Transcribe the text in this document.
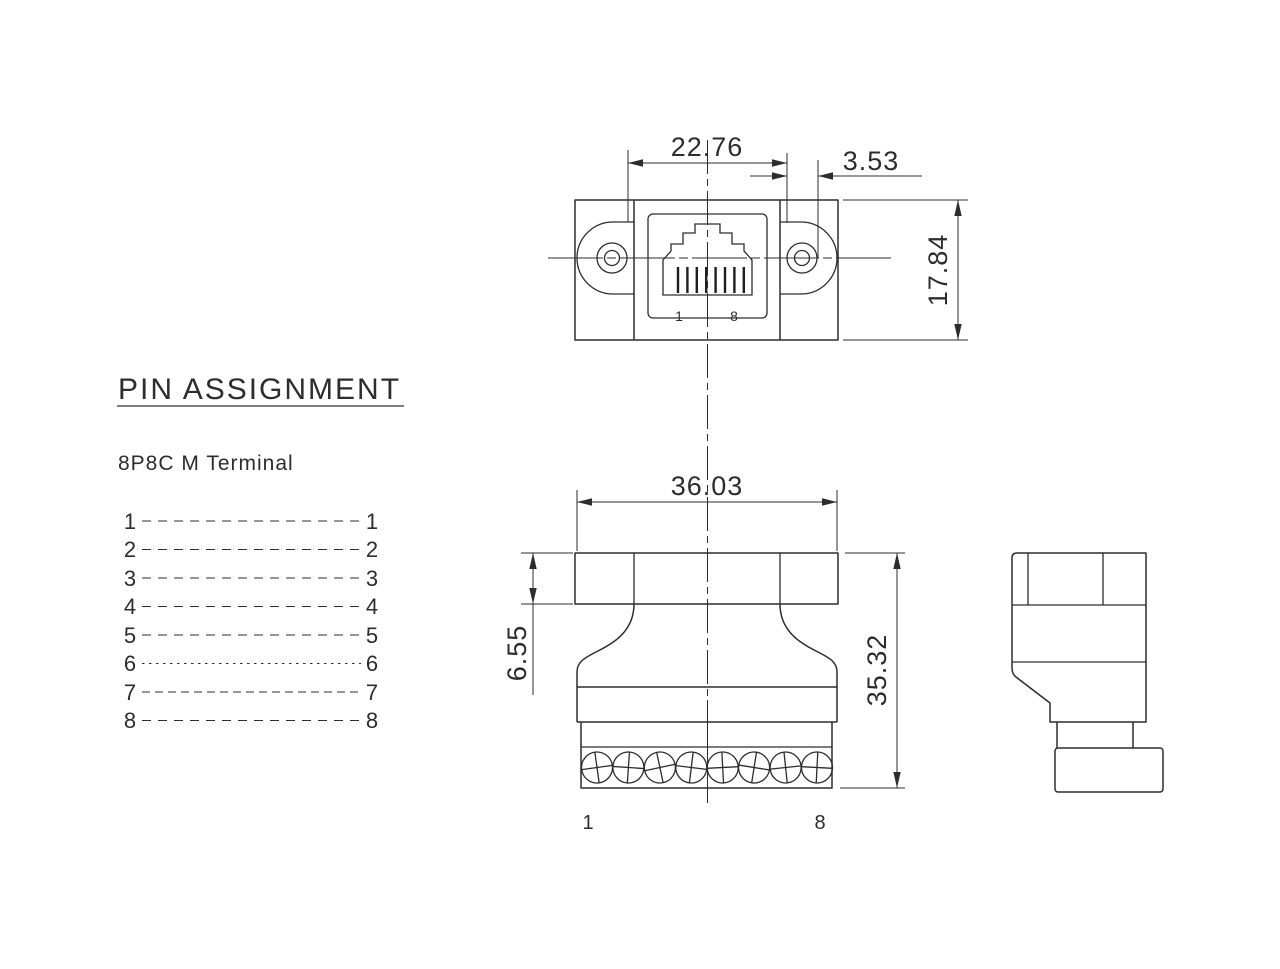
1	8
22.76	3.53
17.84
1	8
36.03
6.55	35.32
PIN ASSIGNMENT
8P8C M Terminal
1	1
2	2
3	3
4	4
5	5
6	6
7	7
8	8
